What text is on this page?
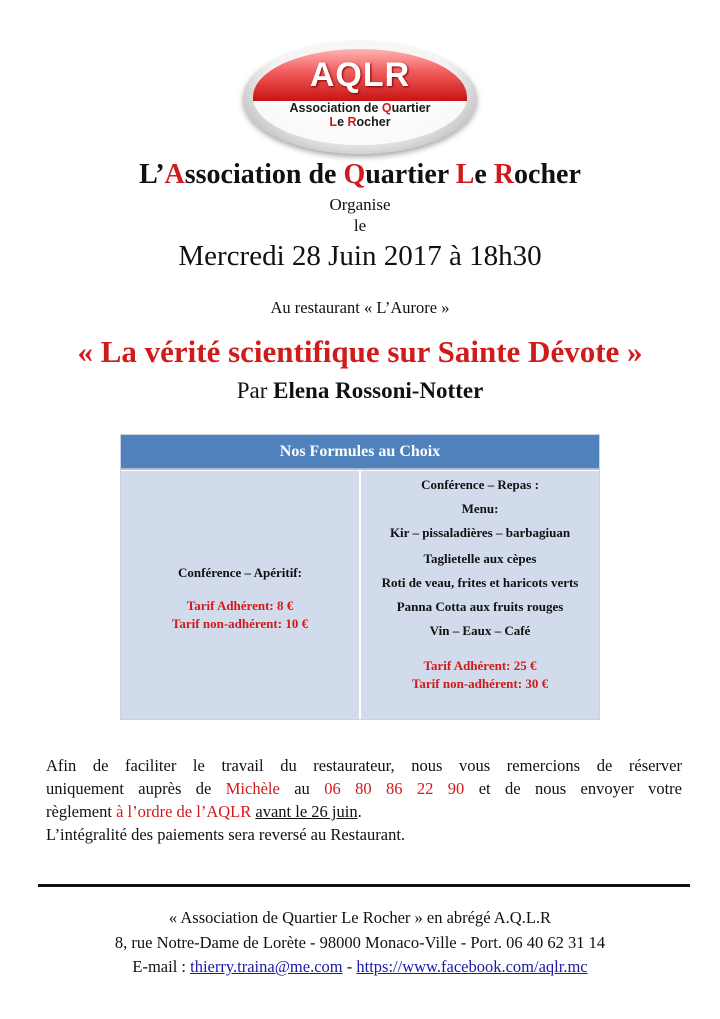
AQLR
Association de Quartier
Le Rocher
L’Association de Quartier Le Rocher
Organise
le
Mercredi 28 Juin 2017 à 18h30
Au restaurant « L’Aurore »
« La vérité scientifique sur Sainte Dévote »
Par Elena Rossoni-Notter
Nos Formules au Choix
Conférence – Apéritif:
Tarif Adhérent: 8 €
Tarif non-adhérent: 10 €
Conférence – Repas :
Menu:
Kir – pissaladières – barbagiuan
Taglietelle aux cèpes
Roti de veau, frites et haricots verts
Panna Cotta aux fruits rouges
Vin – Eaux – Café
Tarif Adhérent: 25 €
Tarif non-adhérent: 30 €
Afin de faciliter le travail du restaurateur, nous vous remercions de réserver
uniquement auprès de Michèle au 06 80 86 22 90 et de nous envoyer votre
règlement à l’ordre de l’AQLR avant le 26 juin.
L’intégralité des paiements sera reversé au Restaurant.
« Association de Quartier Le Rocher » en abrégé A.Q.L.R
8, rue Notre-Dame de Lorète - 98000 Monaco-Ville - Port. 06 40 62 31 14
E-mail : thierry.traina@me.com - https://www.facebook.com/aqlr.mc
